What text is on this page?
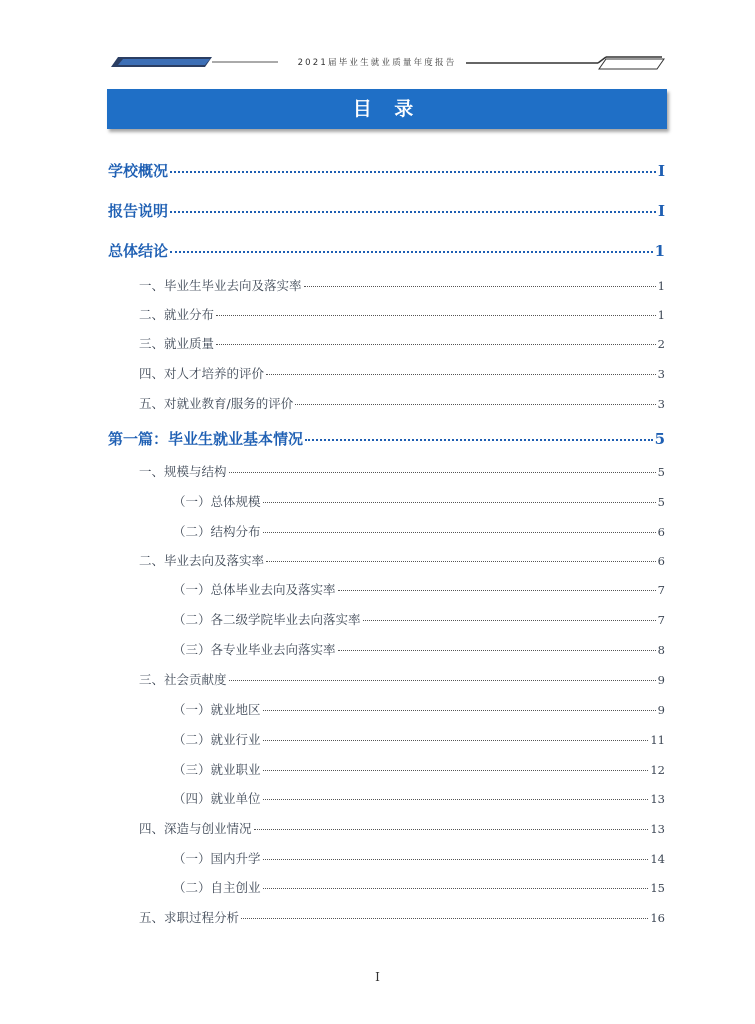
2021届毕业生就业质量年度报告
目 录
学校概况	I
报告说明	I
总体结论	1
一、毕业生毕业去向及落实率	1
二、就业分布	1
三、就业质量	2
四、对人才培养的评价	3
五、对就业教育/服务的评价	3
第一篇：毕业生就业基本情况	5
一、规模与结构	5
（一）总体规模	5
（二）结构分布	6
二、毕业去向及落实率	6
（一）总体毕业去向及落实率	7
（二）各二级学院毕业去向落实率	7
（三）各专业毕业去向落实率	8
三、社会贡献度	9
（一）就业地区	9
（二）就业行业	11
（三）就业职业	12
（四）就业单位	13
四、深造与创业情况	13
（一）国内升学	14
（二）自主创业	15
五、求职过程分析	16
I
